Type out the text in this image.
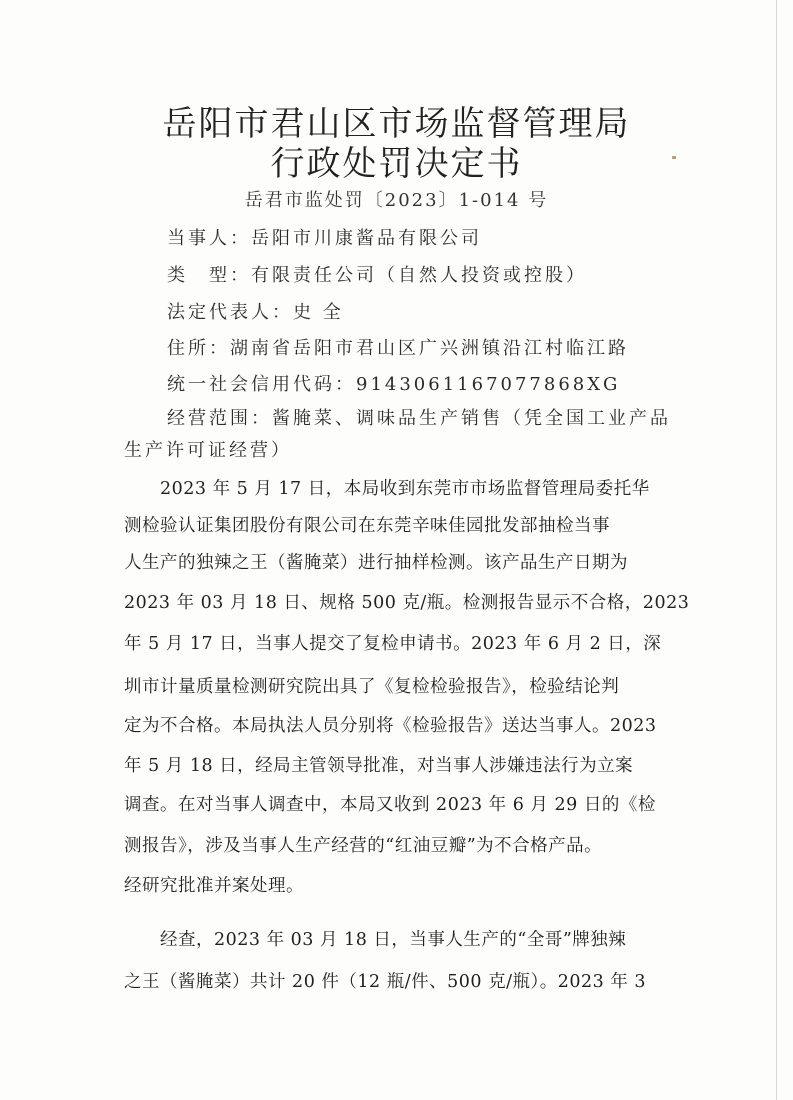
岳阳市君山区市场监督管理局
行政处罚决定书
岳君市监处罚〔2023〕1-014 号
当事人：岳阳市川康酱品有限公司
类　型：有限责任公司（自然人投资或控股）
法定代表人：史 全
住所：湖南省岳阳市君山区广兴洲镇沿江村临江路
统一社会信用代码：914306116707786​8XG
经营范围：酱腌菜、调味品生产销售（凭全国工业产品
生产许可证经营）
2023 年 5 月 17 日，本局收到东莞市市场监督管理局委托华
测检验认证集团股份有限公司在东莞辛味佳园批发部抽检当事
人生产的独辣之王（酱腌菜）进行抽样检测。该产品生产日期为
2023 年 03 月 18 日、规格 500 克/瓶。检测报告显示不合格，2023
年 5 月 17 日，当事人提交了复检申请书。2023 年 6 月 2 日，深
圳市计量质量检测研究院出具了《复检检验报告》，检验结论判
定为不合格。本局执法人员分别将《检验报告》送达当事人。2023
年 5 月 18 日，经局主管领导批准，对当事人涉嫌违法行为立案
调查。在对当事人调查中，本局又收到 2023 年 6 月 29 日的《检
测报告》，涉及当事人生产经营的“红油豆瓣”为不合格产品。
经研究批准并案处理。
经查，2023 年 03 月 18 日，当事人生产的“全哥”牌独辣
之王（酱腌菜）共计 20 件（12 瓶/件、500 克/瓶）。2023 年 3
